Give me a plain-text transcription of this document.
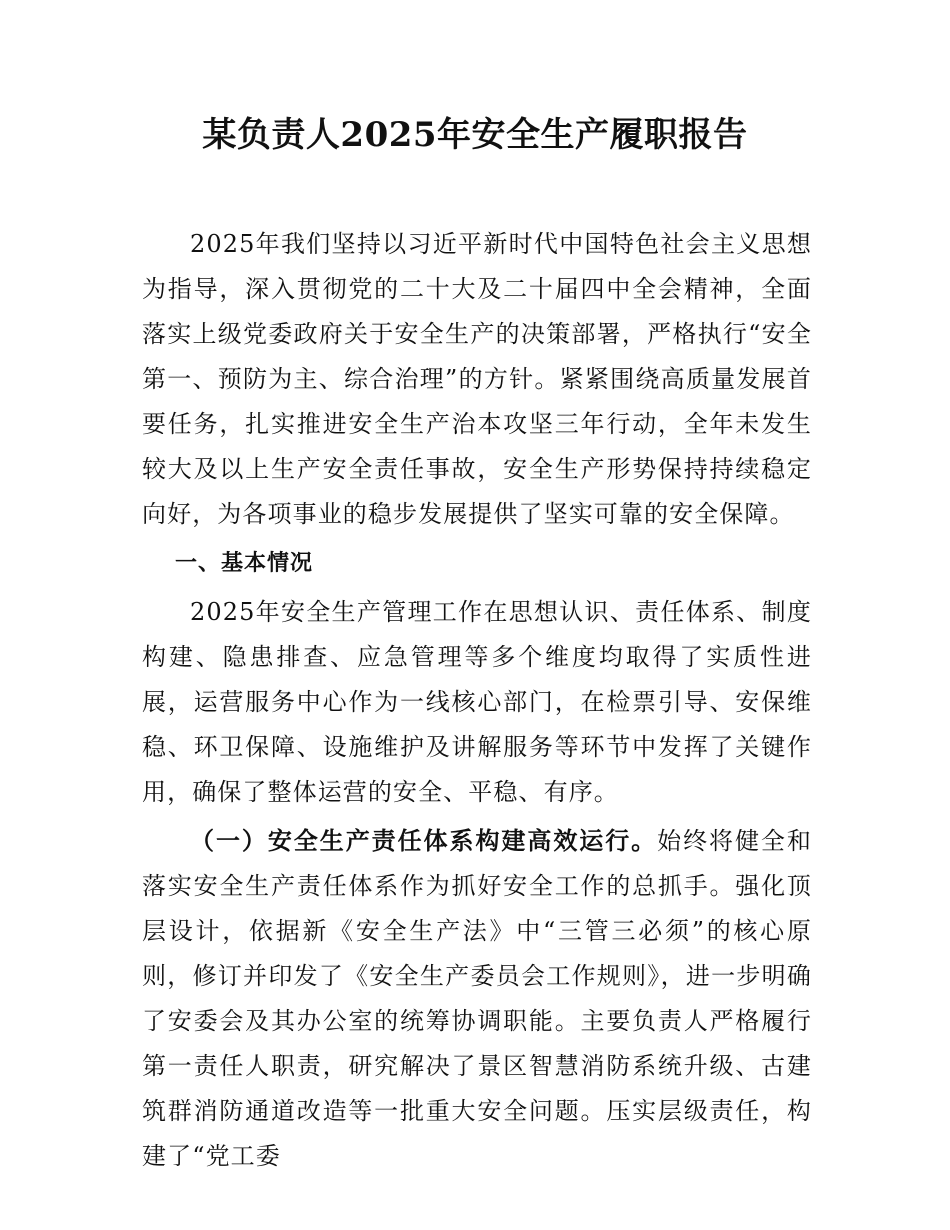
某负责人2025年安全生产履职报告

2025年我们坚持以习近平新时代中国特色社会主义思想为指导，深入贯彻党的二十大及二十届四中全会精神，全面落实上级党委政府关于安全生产的决策部署，严格执行“安全第一、预防为主、综合治理”的方针。紧紧围绕高质量发展首要任务，扎实推进安全生产治本攻坚三年行动，全年未发生较大及以上生产安全责任事故，安全生产形势保持持续稳定向好，为各项事业的稳步发展提供了坚实可靠的安全保障。

一、基本情况

2025年安全生产管理工作在思想认识、责任体系、制度构建、隐患排查、应急管理等多个维度均取得了实质性进展，运营服务中心作为一线核心部门，在检票引导、安保维稳、环卫保障、设施维护及讲解服务等环节中发挥了关键作用，确保了整体运营的安全、平稳、有序。

（一）安全生产责任体系构建高效运行。始终将健全和落实安全生产责任体系作为抓好安全工作的总抓手。强化顶层设计，依据新《安全生产法》中“三管三必须”的核心原则，修订并印发了《安全生产委员会工作规则》，进一步明确了安委会及其办公室的统筹协调职能。主要负责人严格履行第一责任人职责，研究解决了景区智慧消防系统升级、古建筑群消防通道改造等一批重大安全问题。压实层级责任，构建了“党工委
